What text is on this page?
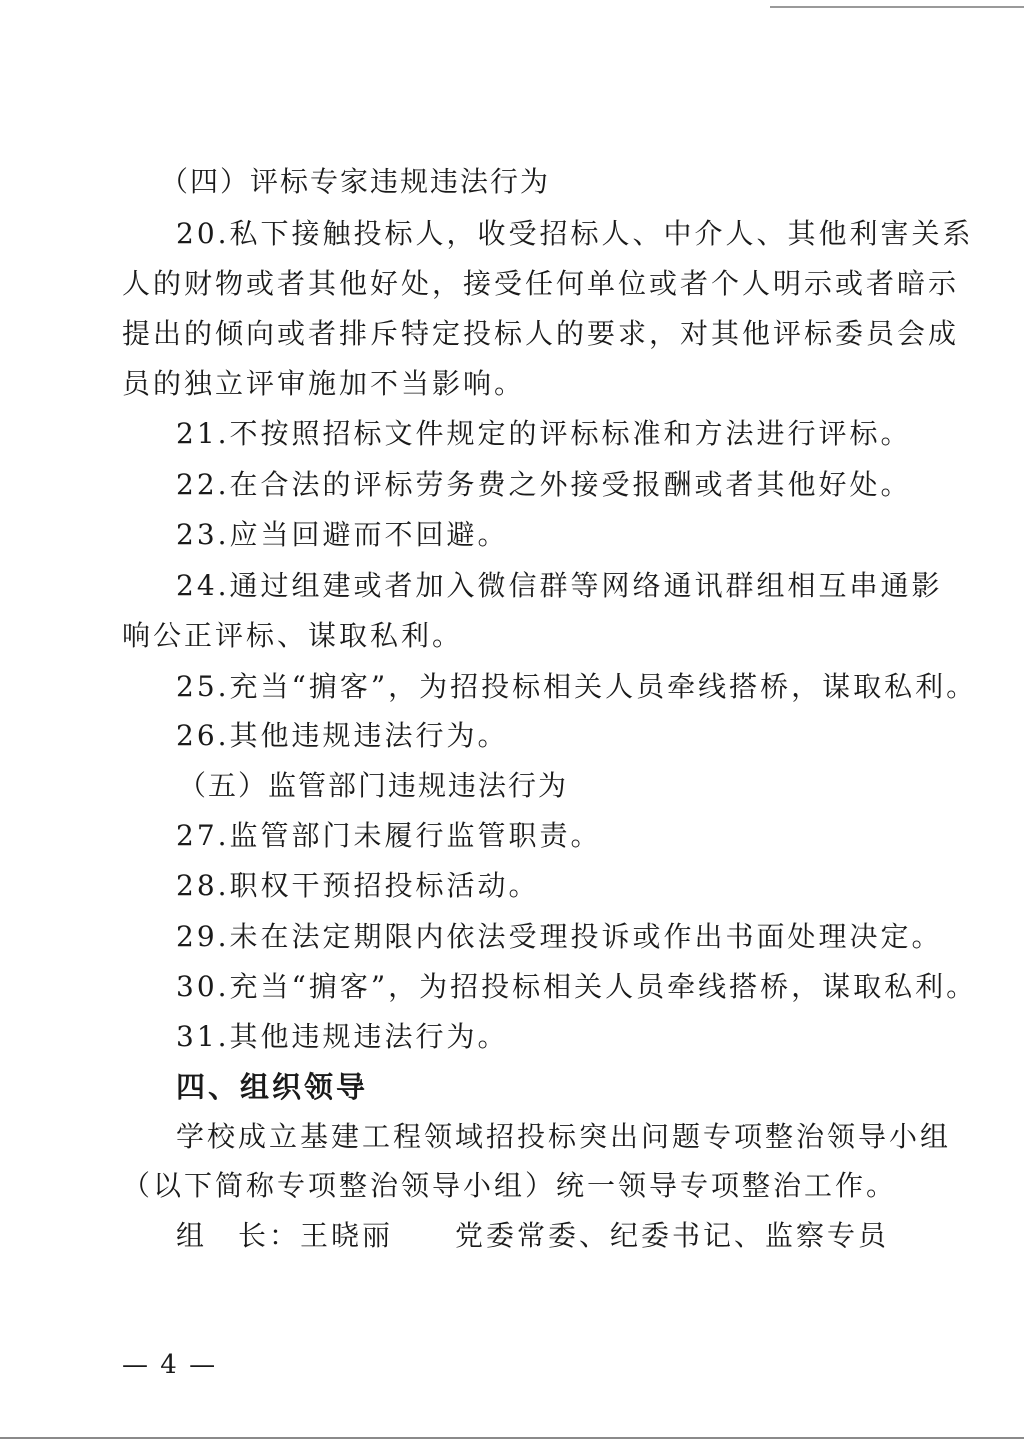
（四）评标专家违规违法行为

20.私下接触投标人，收受招标人、中介人、其他利害关系

人的财物或者其他好处，接受任何单位或者个人明示或者暗示

提出的倾向或者排斥特定投标人的要求，对其他评标委员会成

员的独立评审施加不当影响。

21.不按照招标文件规定的评标标准和方法进行评标。

22.在合法的评标劳务费之外接受报酬或者其他好处。

23.应当回避而不回避。

24.通过组建或者加入微信群等网络通讯群组相互串通影

响公正评标、谋取私利。

25.充当“掮客”，为招投标相关人员牵线搭桥，谋取私利。

26.其他违规违法行为。

（五）监管部门违规违法行为

27.监管部门未履行监管职责。

28.职权干预招投标活动。

29.未在法定期限内依法受理投诉或作出书面处理决定。

30.充当“掮客”，为招投标相关人员牵线搭桥，谋取私利。

31.其他违规违法行为。

四、组织领导

学校成立基建工程领域招投标突出问题专项整治领导小组

（以下简称专项整治领导小组）统一领导专项整治工作。

组　长：王晓丽　　党委常委、纪委书记、监察专员

— 4 —
